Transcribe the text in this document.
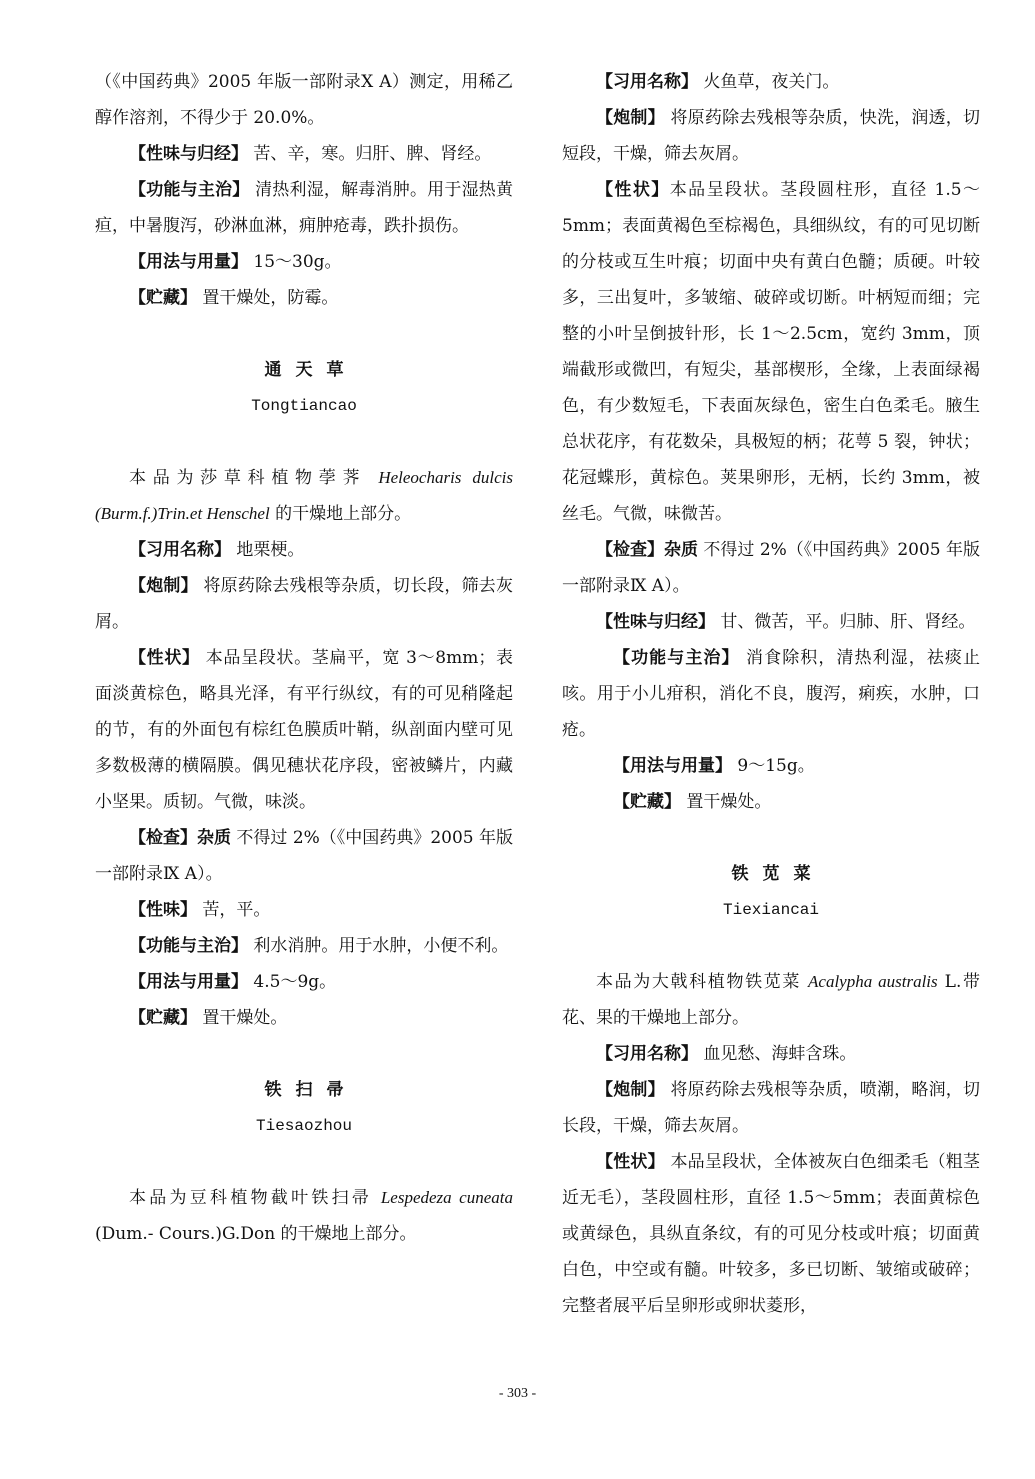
（《中国药典》2005 年版一部附录Ⅹ A）测定，用稀乙醇作溶剂，不得少于 20.0%。

【性味与归经】 苦、辛，寒。归肝、脾、肾经。

【功能与主治】 清热利湿，解毒消肿。用于湿热黄疸，中暑腹泻，砂淋血淋，痈肿疮毒，跌扑损伤。

【用法与用量】 15～30g。

【贮藏】 置干燥处，防霉。

通天草
Tongtiancao

本品为莎草科植物荸荠 Heleocharis dulcis (Burm.f.)Trin.et Henschel 的干燥地上部分。

【习用名称】 地栗梗。

【炮制】 将原药除去残根等杂质，切长段，筛去灰屑。

【性状】 本品呈段状。茎扁平，宽 3～8mm；表面淡黄棕色，略具光泽，有平行纵纹，有的可见稍隆起的节，有的外面包有棕红色膜质叶鞘，纵剖面内壁可见多数极薄的横隔膜。偶见穗状花序段，密被鳞片，内藏小坚果。质韧。气微，味淡。

【检查】杂质 不得过 2%（《中国药典》2005 年版一部附录Ⅸ A）。

【性味】 苦，平。

【功能与主治】 利水消肿。用于水肿，小便不利。

【用法与用量】 4.5～9g。

【贮藏】 置干燥处。

铁扫帚
Tiesaozhou

本品为豆科植物截叶铁扫帚 Lespedeza cuneata (Dum.- Cours.)G.Don 的干燥地上部分。

【习用名称】 火鱼草，夜关门。

【炮制】 将原药除去残根等杂质，快洗，润透，切短段，干燥，筛去灰屑。

【性状】本品呈段状。茎段圆柱形，直径 1.5～5mm；表面黄褐色至棕褐色，具细纵纹，有的可见切断的分枝或互生叶痕；切面中央有黄白色髓；质硬。叶较多，三出复叶，多皱缩、破碎或切断。叶柄短而细；完整的小叶呈倒披针形，长 1～2.5cm，宽约 3mm，顶端截形或微凹，有短尖，基部楔形，全缘，上表面绿褐色，有少数短毛，下表面灰绿色，密生白色柔毛。腋生总状花序，有花数朵，具极短的柄；花萼 5 裂，钟状；花冠蝶形，黄棕色。荚果卵形，无柄，长约 3mm，被丝毛。气微，味微苦。

【检查】杂质 不得过 2%（《中国药典》2005 年版一部附录Ⅸ A）。

【性味与归经】 甘、微苦，平。归肺、肝、肾经。

【功能与主治】 消食除积，清热利湿，祛痰止咳。用于小儿疳积，消化不良，腹泻，痢疾，水肿，口疮。

【用法与用量】 9～15g。

【贮藏】 置干燥处。

铁苋菜
Tiexiancai

本品为大戟科植物铁苋菜 Acalypha australis L.带花、果的干燥地上部分。

【习用名称】 血见愁、海蚌含珠。

【炮制】 将原药除去残根等杂质，喷潮，略润，切长段，干燥，筛去灰屑。

【性状】 本品呈段状，全体被灰白色细柔毛（粗茎近无毛），茎段圆柱形，直径 1.5～5mm；表面黄棕色或黄绿色，具纵直条纹，有的可见分枝或叶痕；切面黄白色，中空或有髓。叶较多，多已切断、皱缩或破碎；完整者展平后呈卵形或卵状菱形，

- 303 -
